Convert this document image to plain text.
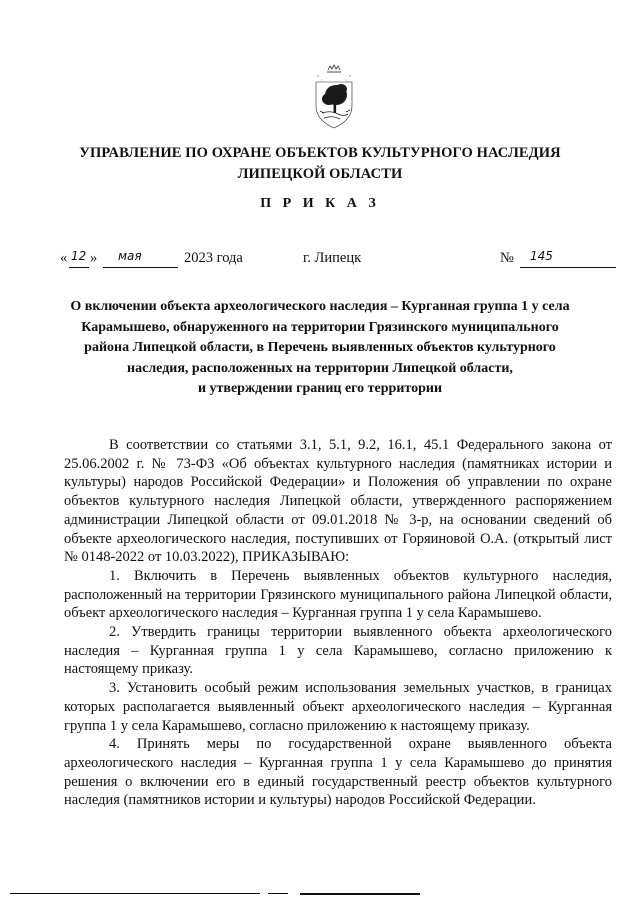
УПРАВЛЕНИЕ ПО ОХРАНЕ ОБЪЕКТОВ КУЛЬТУРНОГО НАСЛЕДИЯ
ЛИПЕЦКОЙ ОБЛАСТИ
П Р И К А З
« 12 » мая	2023 года	г. Липецк	№ 145
О включении объекта археологического наследия – Курганная группа 1 у села
Карамышево, обнаруженного на территории Грязинского муниципального
района Липецкой области, в Перечень выявленных объектов культурного
наследия, расположенных на территории Липецкой области,
и утверждении границ его территории

В соответствии со статьями 3.1, 5.1, 9.2, 16.1, 45.1 Федерального закона от 25.06.2002 г. № 73-ФЗ «Об объектах культурного наследия (памятниках истории и культуры) народов Российской Федерации» и Положения об управлении по охране объектов культурного наследия Липецкой области, утвержденного распоряжением администрации Липецкой области от 09.01.2018 № 3-р, на основании сведений об объекте археологического наследия, поступивших от Горяиновой О.А. (открытый лист № 0148-2022 от 10.03.2022), ПРИКАЗЫВАЮ:

1. Включить в Перечень выявленных объектов культурного наследия, расположенный на территории Грязинского муниципального района Липецкой области, объект археологического наследия – Курганная группа 1 у села Карамышево.

2. Утвердить границы территории выявленного объекта археологического наследия – Курганная группа 1 у села Карамышево, согласно приложению к настоящему приказу.

3. Установить особый режим использования земельных участков, в границах которых располагается выявленный объект археологического наследия – Курганная группа 1 у села Карамышево, согласно приложению к настоящему приказу.

4. Принять меры по государственной охране выявленного объекта археологического наследия – Курганная группа 1 у села Карамышево до принятия решения о включении его в единый государственный реестр объектов культурного наследия (памятников истории и культуры) народов Российской Федерации.
